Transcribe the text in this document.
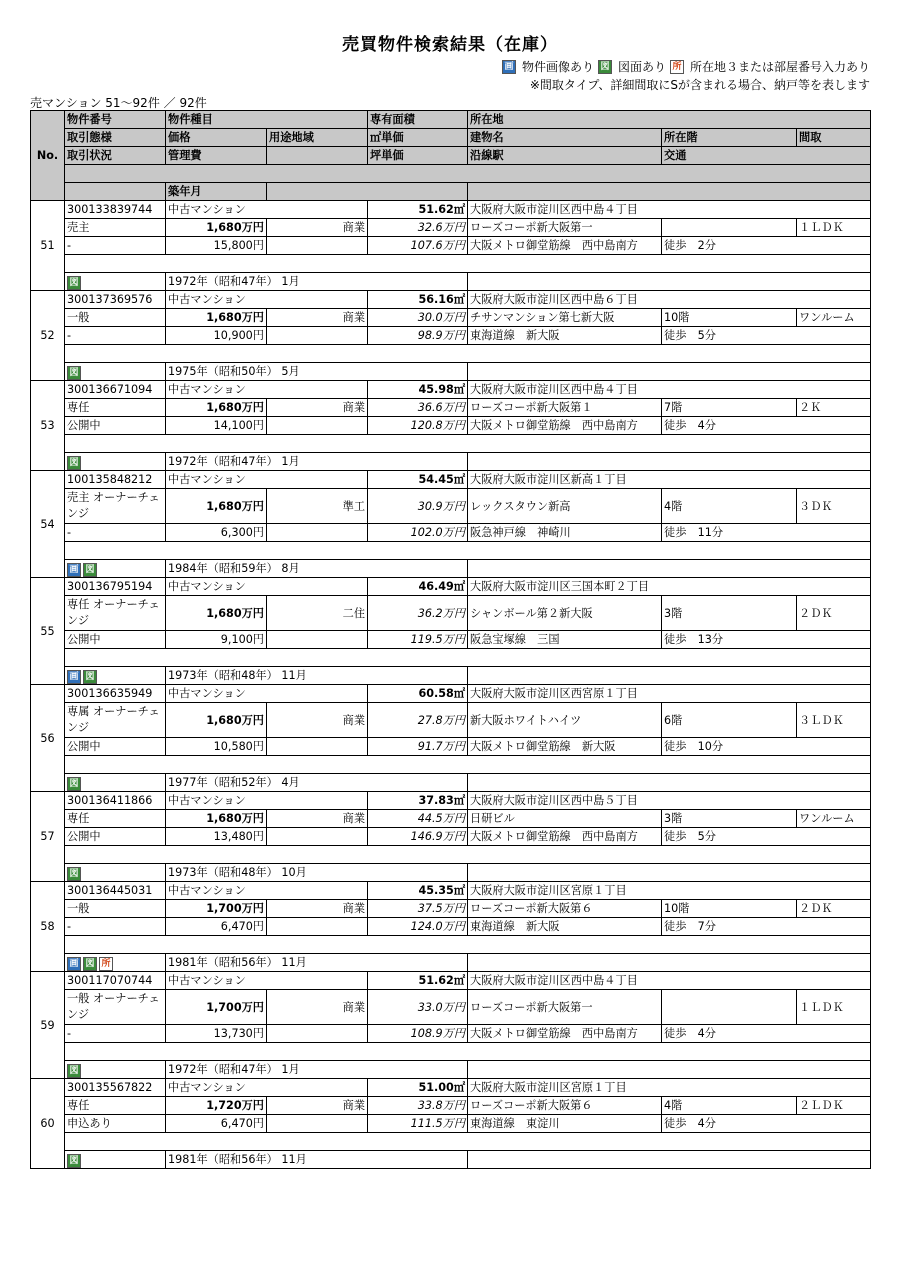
売買物件検索結果（在庫）
画 物件画像あり 図 図面あり 所 所在地３または部屋番号入力あり
※間取タイプ、詳細間取にSが含まれる場合、納戸等を表します
売マンション 51〜92件 ／ 92件
No.	物件番号	物件種目		専有面積	所在地		
	取引態様	価格	用途地域	㎡単価	建物名	所在階	間取
	取引状況	管理費		坪単価	沿線駅	交通	

		築年月					
51	300133839744	中古マンション		51.62㎡	大阪府大阪市淀川区西中島４丁目		
	売主	1,680万円	商業	32.6万円	ローズコーポ新大阪第一		１ＬＤＫ
	-	15,800円		107.6万円	大阪メトロ御堂筋線　西中島南方	徒歩　2分	

	図	1972年（昭和47年） 1月					
52	300137369576	中古マンション		56.16㎡	大阪府大阪市淀川区西中島６丁目		
	一般	1,680万円	商業	30.0万円	チサンマンション第七新大阪	10階	ワンルーム
	-	10,900円		98.9万円	東海道線　新大阪	徒歩　5分	

	図	1975年（昭和50年） 5月					
53	300136671094	中古マンション		45.98㎡	大阪府大阪市淀川区西中島４丁目		
	専任	1,680万円	商業	36.6万円	ローズコーポ新大阪第１	7階	２Ｋ
	公開中	14,100円		120.8万円	大阪メトロ御堂筋線　西中島南方	徒歩　4分	

	図	1972年（昭和47年） 1月					
54	100135848212	中古マンション		54.45㎡	大阪府大阪市淀川区新高１丁目		
	売主 オーナーチェンジ	1,680万円	準工	30.9万円	レックスタウン新高	4階	３ＤＫ
	-	6,300円		102.0万円	阪急神戸線　神崎川	徒歩　11分	

	画 図	1984年（昭和59年） 8月					
55	300136795194	中古マンション		46.49㎡	大阪府大阪市淀川区三国本町２丁目		
	専任 オーナーチェンジ	1,680万円	二住	36.2万円	シャンボール第２新大阪	3階	２ＤＫ
	公開中	9,100円		119.5万円	阪急宝塚線　三国	徒歩　13分	

	画 図	1973年（昭和48年） 11月					
56	300136635949	中古マンション		60.58㎡	大阪府大阪市淀川区西宮原１丁目		
	専属 オーナーチェンジ	1,680万円	商業	27.8万円	新大阪ホワイトハイツ	6階	３ＬＤＫ
	公開中	10,580円		91.7万円	大阪メトロ御堂筋線　新大阪	徒歩　10分	

	図	1977年（昭和52年） 4月					
57	300136411866	中古マンション		37.83㎡	大阪府大阪市淀川区西中島５丁目		
	専任	1,680万円	商業	44.5万円	日研ビル	3階	ワンルーム
	公開中	13,480円		146.9万円	大阪メトロ御堂筋線　西中島南方	徒歩　5分	

	図	1973年（昭和48年） 10月					
58	300136445031	中古マンション		45.35㎡	大阪府大阪市淀川区宮原１丁目		
	一般	1,700万円	商業	37.5万円	ローズコーポ新大阪第６	10階	２ＤＫ
	-	6,470円		124.0万円	東海道線　新大阪	徒歩　7分	

	画 図 所	1981年（昭和56年） 11月					
59	300117070744	中古マンション		51.62㎡	大阪府大阪市淀川区西中島４丁目		
	一般 オーナーチェンジ	1,700万円	商業	33.0万円	ローズコーポ新大阪第一		１ＬＤＫ
	-	13,730円		108.9万円	大阪メトロ御堂筋線　西中島南方	徒歩　4分	

	図	1972年（昭和47年） 1月					
60	300135567822	中古マンション		51.00㎡	大阪府大阪市淀川区宮原１丁目		
	専任	1,720万円	商業	33.8万円	ローズコーポ新大阪第６	4階	２ＬＤＫ
	申込あり	6,470円		111.5万円	東海道線　東淀川	徒歩　4分	

	図	1981年（昭和56年） 11月					
